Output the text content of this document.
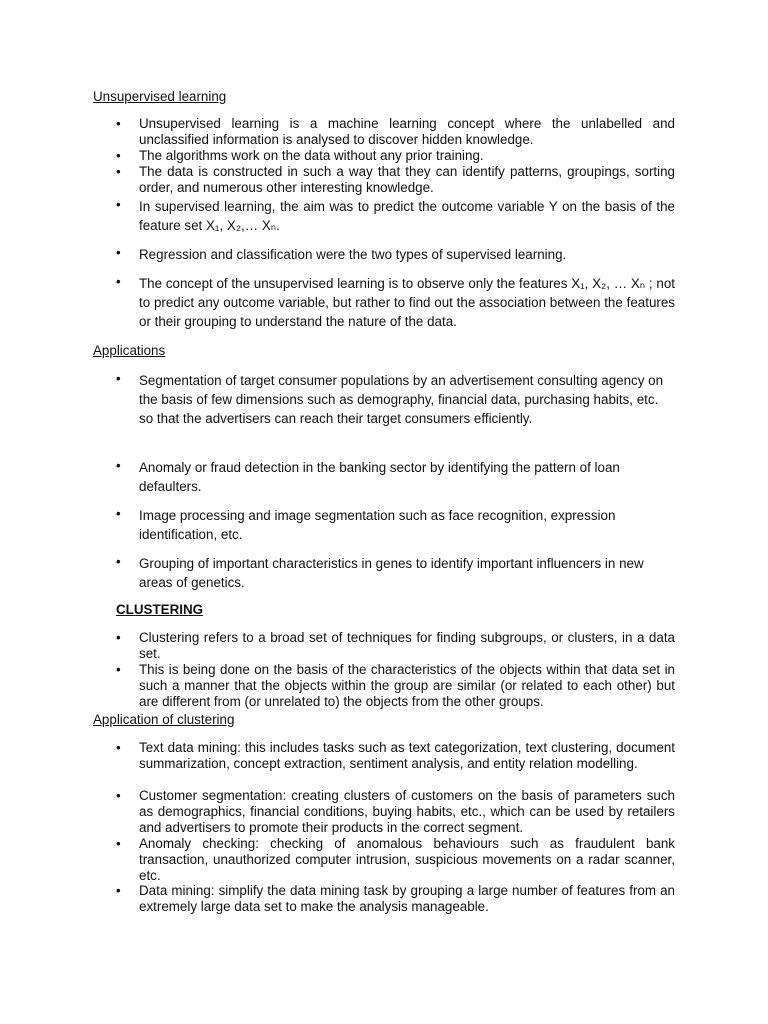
Unsupervised learning
• Unsupervised learning is a machine learning concept where the unlabelled and unclassified information is analysed to discover hidden knowledge.
• The algorithms work on the data without any prior training.
• The data is constructed in such a way that they can identify patterns, groupings, sorting order, and numerous other interesting knowledge.
• In supervised learning, the aim was to predict the outcome variable Y on the basis of the feature set X₁, X₂,… Xₙ.
• Regression and classification were the two types of supervised learning.
• The concept of the unsupervised learning is to observe only the features X₁, X₂, … Xₙ ; not to predict any outcome variable, but rather to find out the association between the features or their grouping to understand the nature of the data.
Applications
• Segmentation of target consumer populations by an advertisement consulting agency on the basis of few dimensions such as demography, financial data, purchasing habits, etc. so that the advertisers can reach their target consumers efficiently.
• Anomaly or fraud detection in the banking sector by identifying the pattern of loan defaulters.
• Image processing and image segmentation such as face recognition, expression identification, etc.
• Grouping of important characteristics in genes to identify important influencers in new areas of genetics.
CLUSTERING
• Clustering refers to a broad set of techniques for finding subgroups, or clusters, in a data set.
• This is being done on the basis of the characteristics of the objects within that data set in such a manner that the objects within the group are similar (or related to each other) but are different from (or unrelated to) the objects from the other groups.
Application of clustering
• Text data mining: this includes tasks such as text categorization, text clustering, document summarization, concept extraction, sentiment analysis, and entity relation modelling.
• Customer segmentation: creating clusters of customers on the basis of parameters such as demographics, financial conditions, buying habits, etc., which can be used by retailers and advertisers to promote their products in the correct segment.
• Anomaly checking: checking of anomalous behaviours such as fraudulent bank transaction, unauthorized computer intrusion, suspicious movements on a radar scanner, etc.
• Data mining: simplify the data mining task by grouping a large number of features from an extremely large data set to make the analysis manageable.
